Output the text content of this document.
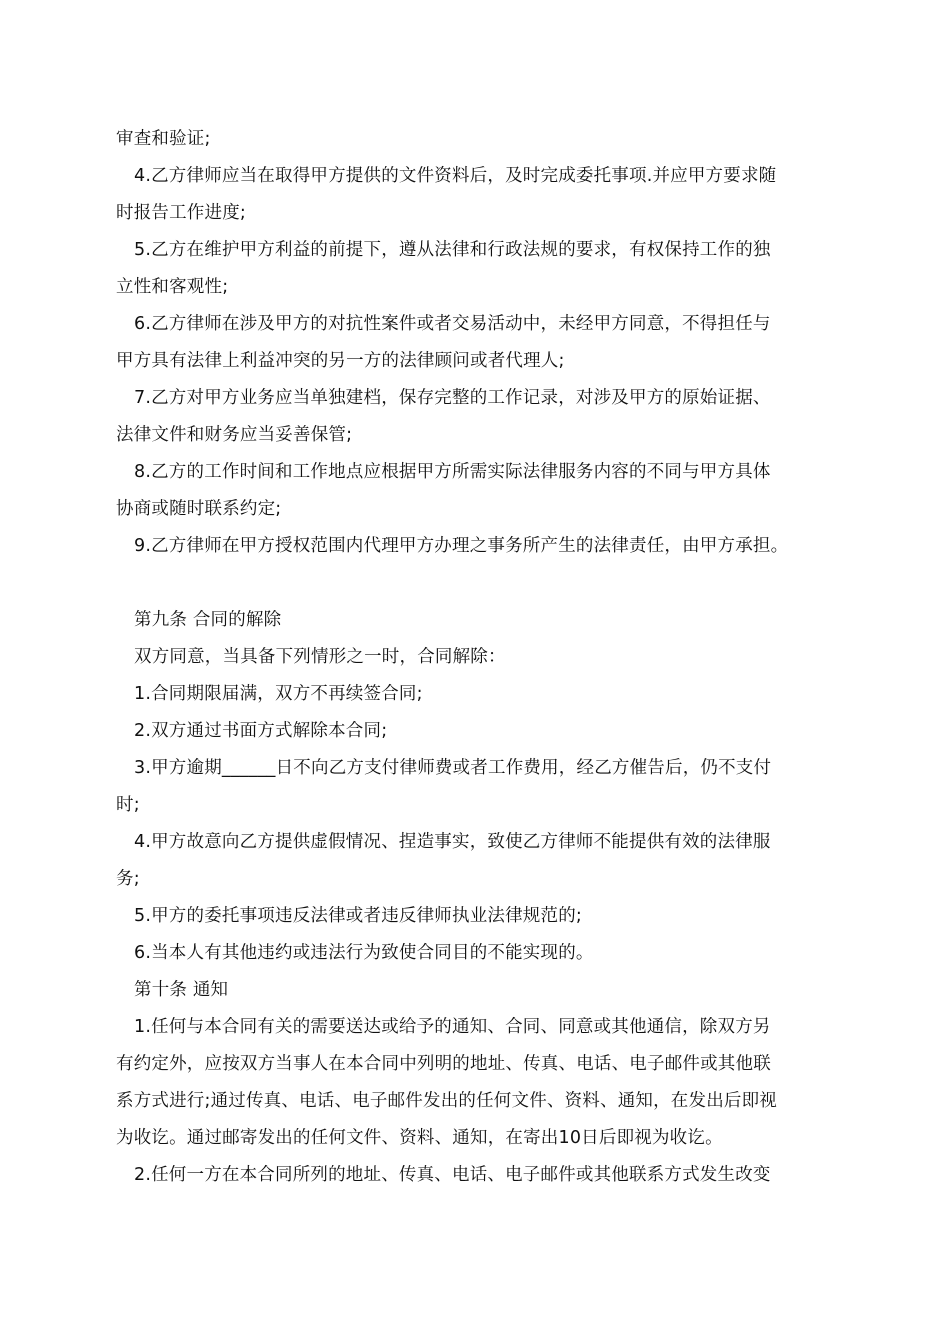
审查和验证;
4.乙方律师应当在取得甲方提供的文件资料后，及时完成委托事项.并应甲方要求随
时报告工作进度;
5.乙方在维护甲方利益的前提下，遵从法律和行政法规的要求，有权保持工作的独
立性和客观性;
6.乙方律师在涉及甲方的对抗性案件或者交易活动中，未经甲方同意，不得担任与
甲方具有法律上利益冲突的另一方的法律顾问或者代理人;
7.乙方对甲方业务应当单独建档，保存完整的工作记录，对涉及甲方的原始证据、
法律文件和财务应当妥善保管;
8.乙方的工作时间和工作地点应根据甲方所需实际法律服务内容的不同与甲方具体
协商或随时联系约定;
9.乙方律师在甲方授权范围内代理甲方办理之事务所产生的法律责任，由甲方承担。
第九条 合同的解除
双方同意，当具备下列情形之一时，合同解除：
1.合同期限届满，双方不再续签合同;
2.双方通过书面方式解除本合同;
3.甲方逾期______日不向乙方支付律师费或者工作费用，经乙方催告后，仍不支付
时;
4.甲方故意向乙方提供虚假情况、捏造事实，致使乙方律师不能提供有效的法律服
务;
5.甲方的委托事项违反法律或者违反律师执业法律规范的;
6.当本人有其他违约或违法行为致使合同目的不能实现的。
第十条 通知
1.任何与本合同有关的需要送达或给予的通知、合同、同意或其他通信，除双方另
有约定外，应按双方当事人在本合同中列明的地址、传真、电话、电子邮件或其他联
系方式进行;通过传真、电话、电子邮件发出的任何文件、资料、通知，在发出后即视
为收讫。通过邮寄发出的任何文件、资料、通知，在寄出10日后即视为收讫。
2.任何一方在本合同所列的地址、传真、电话、电子邮件或其他联系方式发生改变
